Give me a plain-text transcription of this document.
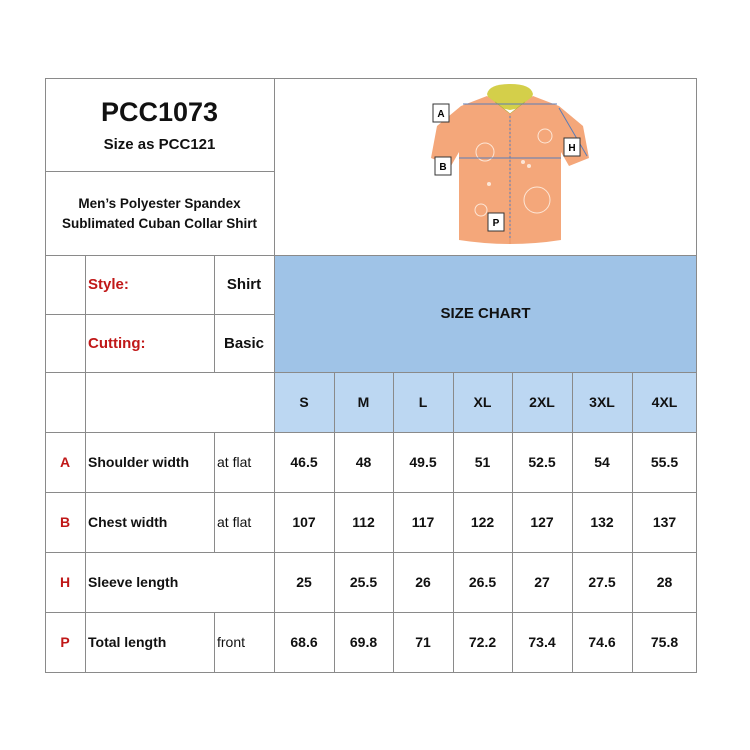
PCC1073
Size as PCC121
Men’s Polyester Spandex
Sublimated Cuban Collar Shirt
Style:	Shirt
Cutting:	Basic
SIZE CHART
S	M	L	XL	2XL	3XL	4XL
A	Shoulder width	at flat	46.5	48	49.5	51	52.5	54	55.5
B	Chest width	at flat	107	112	117	122	127	132	137
H	Sleeve length	25	25.5	26	26.5	27	27.5	28
P	Total length	front	68.6	69.8	71	72.2	73.4	74.6	75.8
A
B
H
P
